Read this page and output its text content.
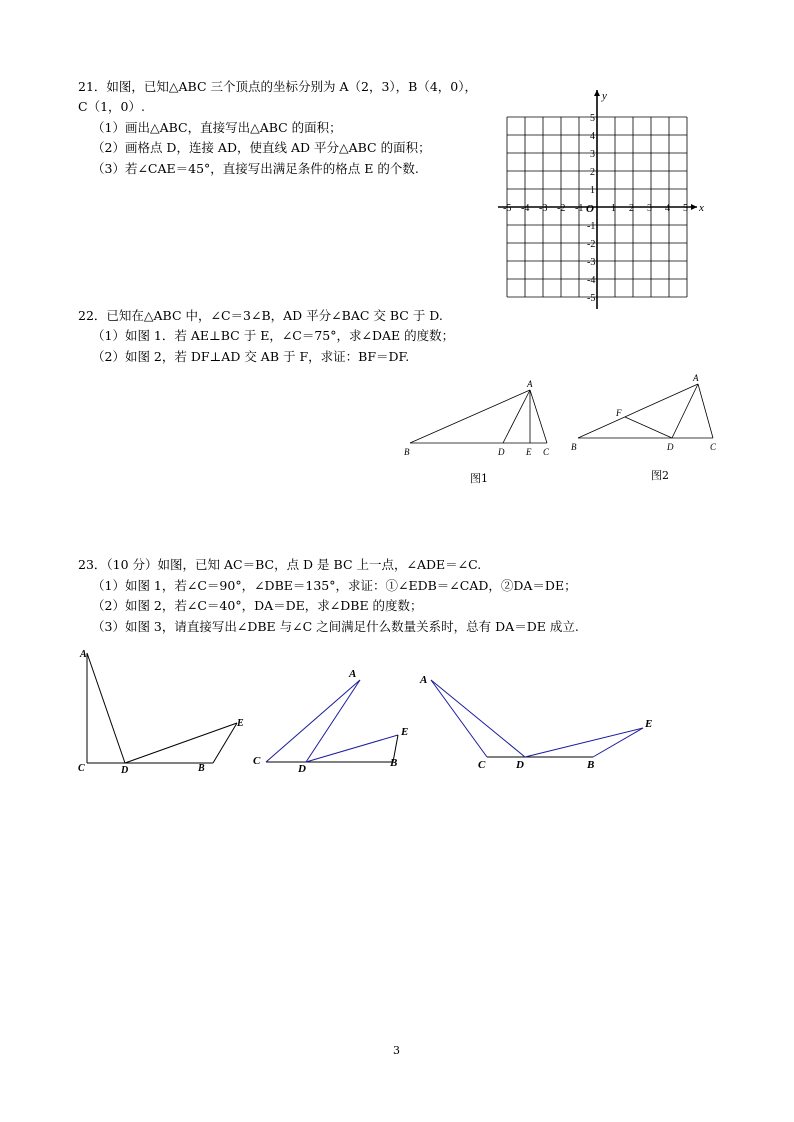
21．如图，已知△ABC 三个顶点的坐标分别为 A（2，3），B（4，0），
C（1，0）.
（1）画出△ABC，直接写出△ABC 的面积；
（2）画格点 D，连接 AD，使直线 AD 平分△ABC 的面积；
（3）若∠CAE＝45°，直接写出满足条件的格点 E 的个数.
x
y
O
-5 -4 -3 -2 -1	1 2 3 4 5
5
4
3
2
1
-1
-2
-3
-4
-5
22．已知在△ABC 中，∠C＝3∠B，AD 平分∠BAC 交 BC 于 D.
（1）如图 1．若 AE⊥BC 于 E，∠C＝75°，求∠DAE 的度数；
（2）如图 2，若 DF⊥AD 交 AB 于 F，求证：BF＝DF.
A
B	D E C
图1
A
B
F
D	C
图2
23．（10 分）如图，已知 AC＝BC，点 D 是 BC 上一点，∠ADE＝∠C.
（1）如图 1，若∠C＝90°，∠DBE＝135°，求证：①∠EDB＝∠CAD，②DA＝DE；
（2）如图 2，若∠C＝40°，DA＝DE，求∠DBE 的度数；
（3）如图 3，请直接写出∠DBE 与∠C 之间满足什么数量关系时，总有 DA＝DE 成立.
A
C	D	B
E
A
C
D	B
E
A
C	D	B
E
3
